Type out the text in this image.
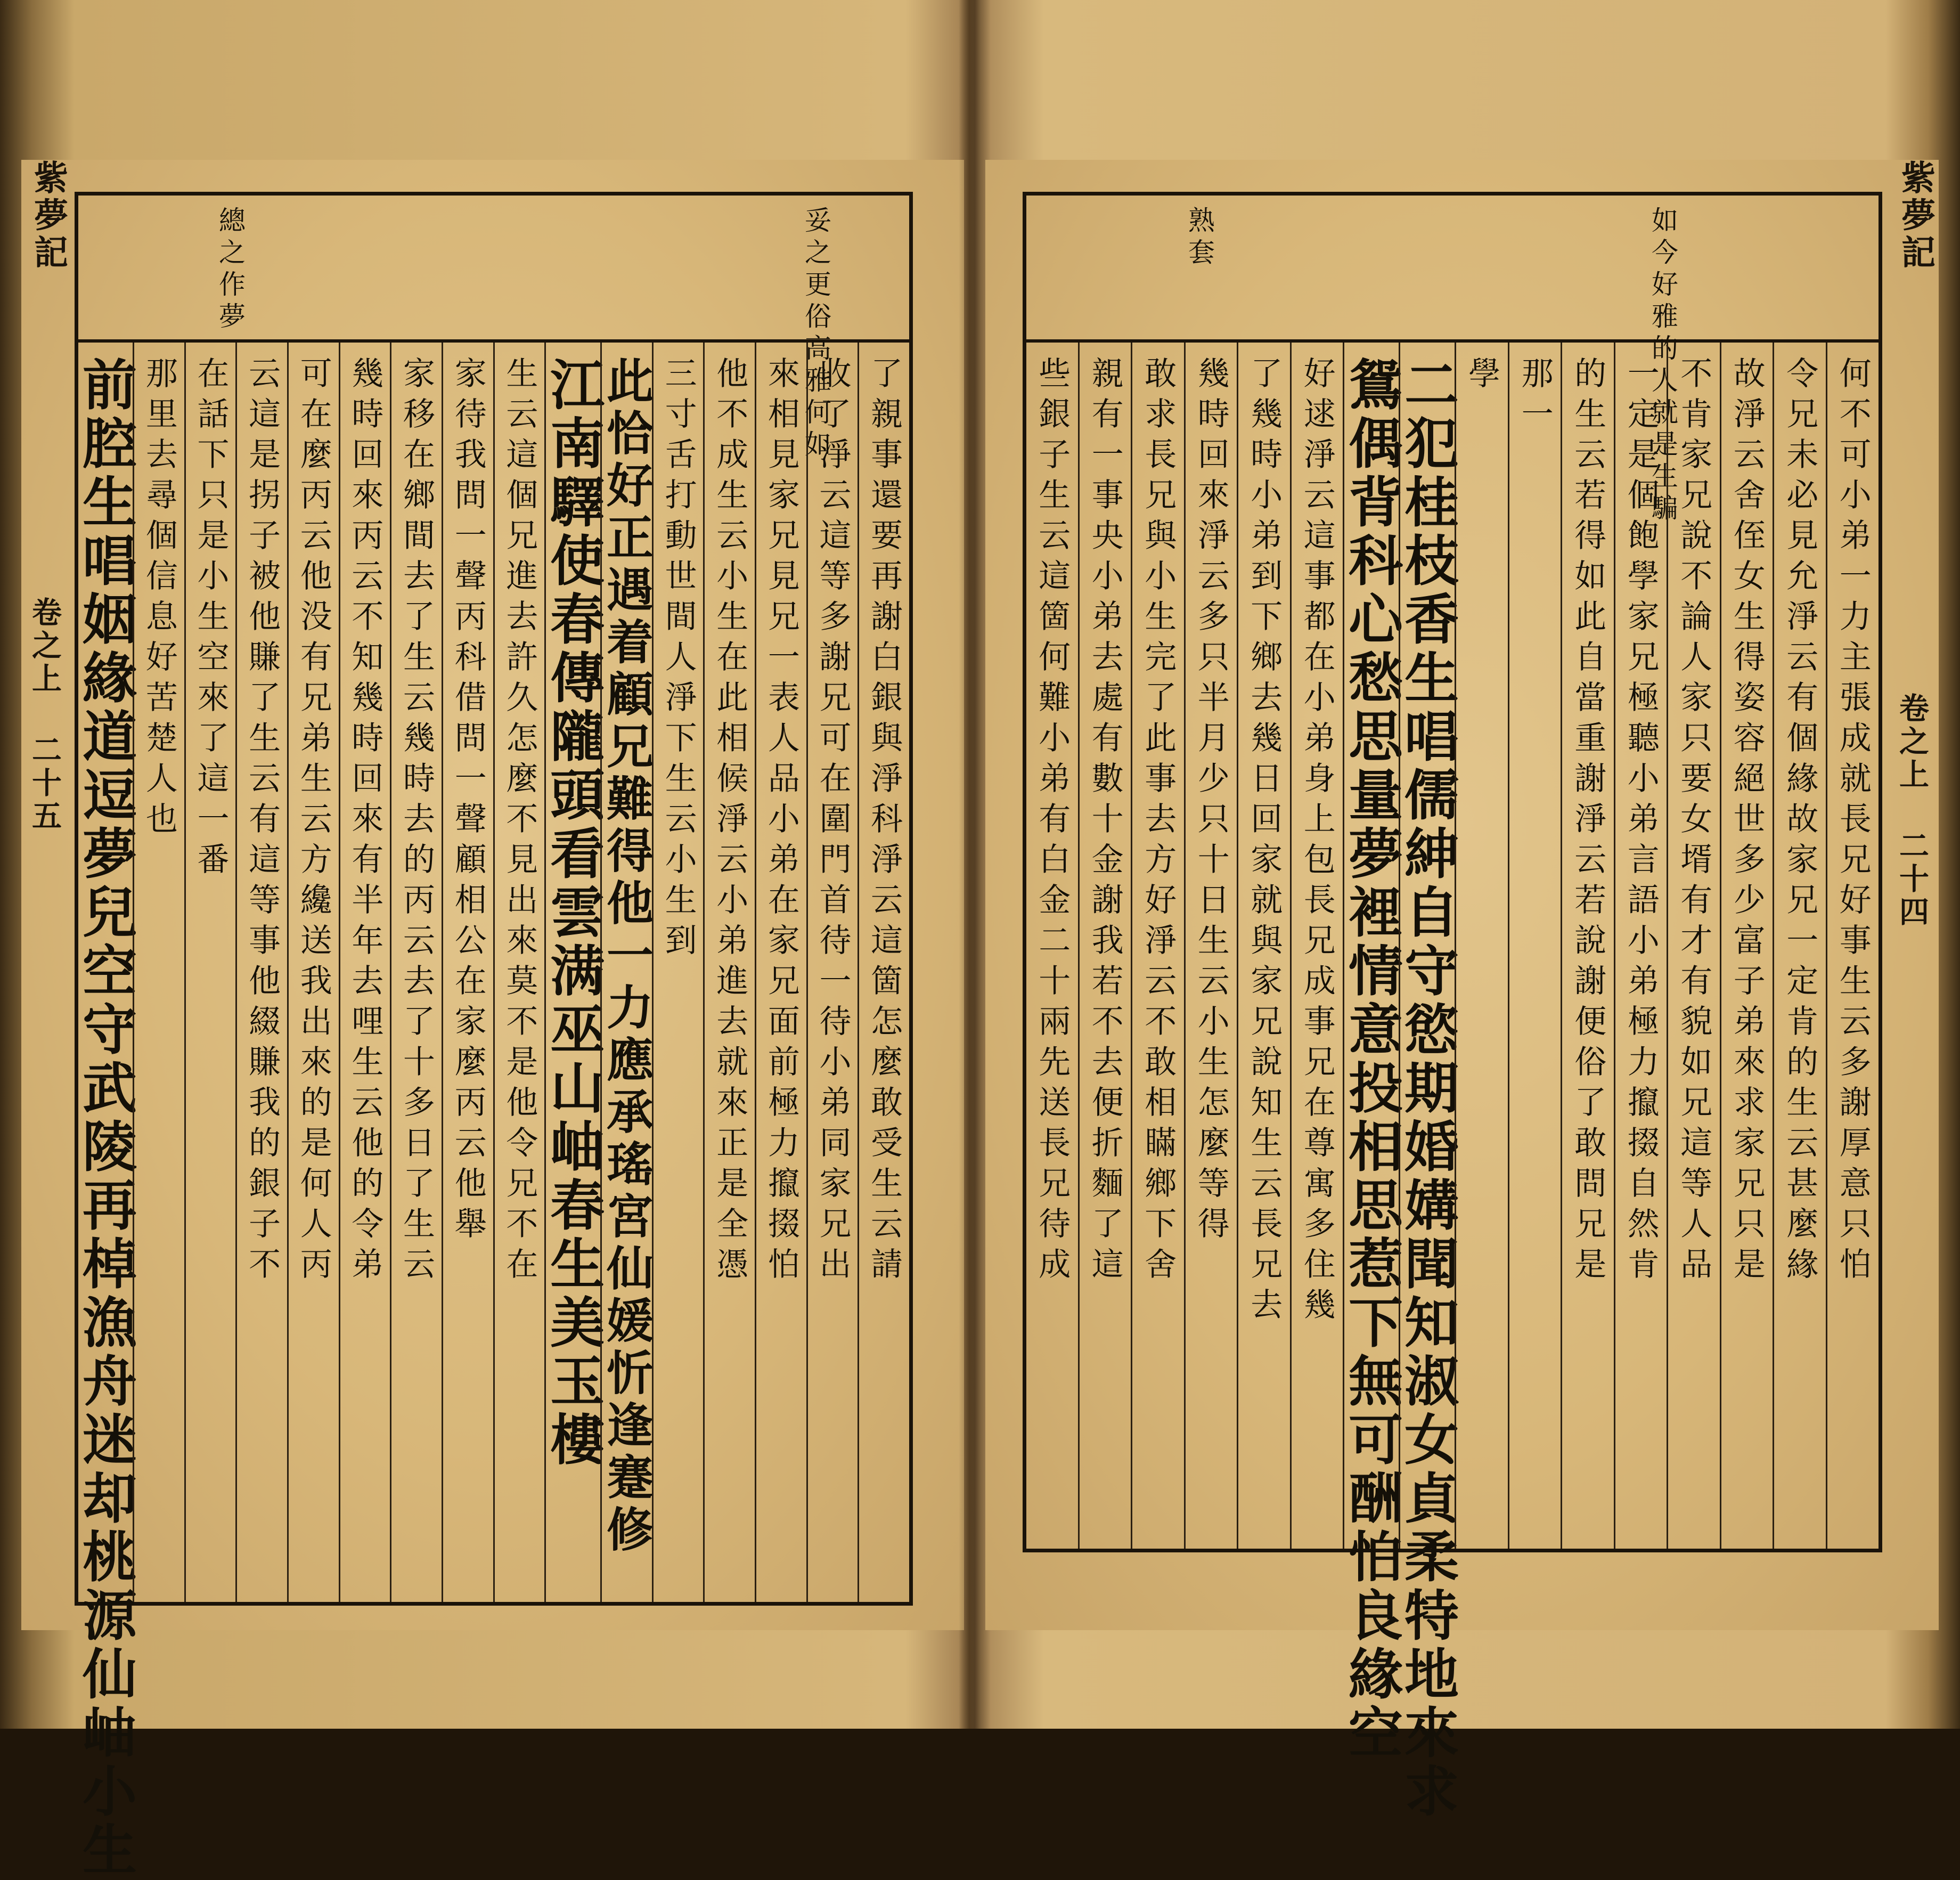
紫夢記
卷之上 二十五
妥之更俗高雅何如
總之作夢
了親事還要再謝白銀與淨科淨云這箇怎麼敢受生云請
收了淨云這等多謝兄可在圍門首待一待小弟同家兄出
來相見家兄見兄一表人品小弟在家兄面前極力攛掇怕
他不成生云小生在此相候淨云小弟進去就來正是全憑
三寸舌打動世間人淨下生云小生到
此恰好正遇着顧兄難得他一力應承瑤宮仙媛忻逢蹇修
江南驛使春傳隴頭看雲满巫山岫春生美玉樓
生云這個兄進去許久怎麼不見出來莫不是他令兄不在
家待我問一聲丙科借問一聲顧相公在家麼丙云他舉
家移在鄉間去了生云幾時去的丙云去了十多日了生云
幾時回來丙云不知幾時回來有半年去哩生云他的令弟
可在麼丙云他没有兄弟生云方纔送我出來的是何人丙
云這是拐子被他賺了生云有這等事他綴賺我的銀子不
在話下只是小生空來了這一番
那里去尋個信息好苦楚人也
前腔生唱姻緣道逗夢兒空守武陵再棹漁舟迷却桃源仙岫小生
紫夢記
卷之上 二十四
如今好雅的人就是生騙
熟套
何不可小弟一力主張成就長兄好事生云多謝厚意只怕
令兄未必見允淨云有個緣故家兄一定肯的生云甚麼緣
故淨云舍侄女生得姿容絕世多少富子弟來求家兄只是
不肯家兄說不論人家只要女壻有才有貌如兄這等人品
一定是個飽學家兄極聽小弟言語小弟極力攛掇自然肯
的生云若得如此自當重謝淨云若說謝便俗了敢問兄是
那一
學
二犯桂枝香生唱儒紳自守慾期婚媾聞知淑女貞柔特地來求
鴛偶背科心愁思量夢裡情意投相思惹下無可酬怕良緣空
好逑淨云這事都在小弟身上包長兄成事兄在尊寓多住幾
了幾時小弟到下鄉去幾日回家就與家兄說知生云長兄去
幾時回來淨云多只半月少只十日生云小生怎麼等得
敢求長兄與小生完了此事去方好淨云不敢相瞞鄉下舍
親有一事央小弟去處有數十金謝我若不去便折麵了這
些銀子生云這箇何難小弟有白金二十兩先送長兄待成
